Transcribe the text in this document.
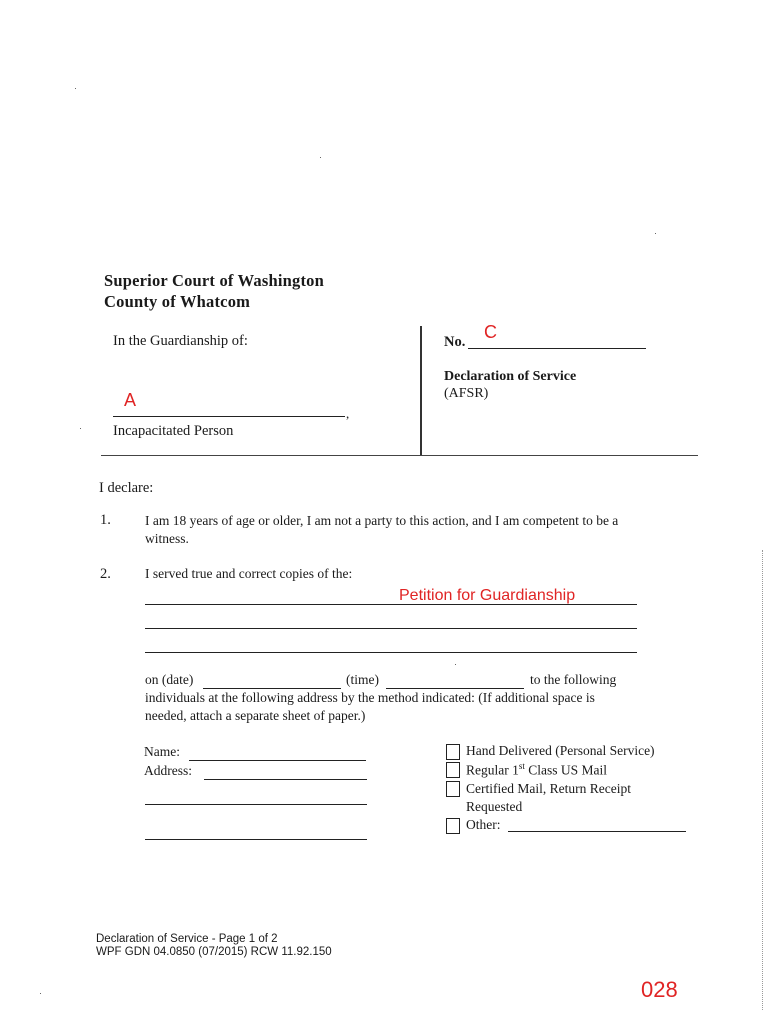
Superior Court of Washington
County of Whatcom
In the Guardianship of:
A
,
Incapacitated Person
No. C
Declaration of Service
(AFSR)
I declare:
1.	I am 18 years of age or older, I am not a party to this action, and I am competent to be a
witness.
2.	I served true and correct copies of the:
Petition for Guardianship
on (date)	(time)	to the following
individuals at the following address by the method indicated: (If additional space is
needed, attach a separate sheet of paper.)
Name:
Address:
Hand Delivered (Personal Service)
Regular 1st Class US Mail
Certified Mail, Return Receipt
Requested
Other:
Declaration of Service - Page 1 of 2
WPF GDN 04.0850 (07/2015) RCW 11.92.150
028
